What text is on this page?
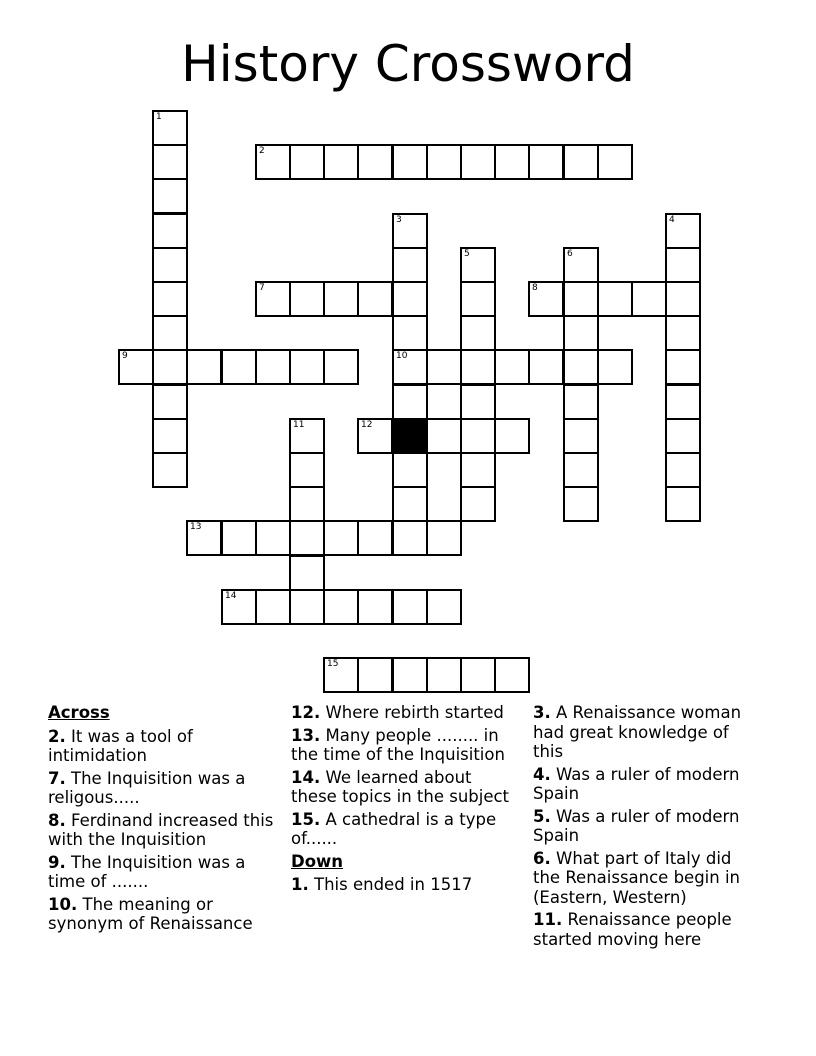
History Crossword
1
2
3
10
4
5	6
7	8
9
11	12
13
14
15
Across
2. It was a tool of intimidation
7. The Inquisition was a religous.....
8. Ferdinand increased this with the Inquisition
9. The Inquisition was a time of .......
10. The meaning or synonym of Renaissance
12. Where rebirth started
13. Many people ........ in the time of the Inquisition
14. We learned about these topics in the subject
15. A cathedral is a type of......
Down
1. This ended in 1517
3. A Renaissance woman had great knowledge of this
4. Was a ruler of modern Spain
5. Was a ruler of modern Spain
6. What part of Italy did the Renaissance begin in (Eastern, Western)
11. Renaissance people started moving here
